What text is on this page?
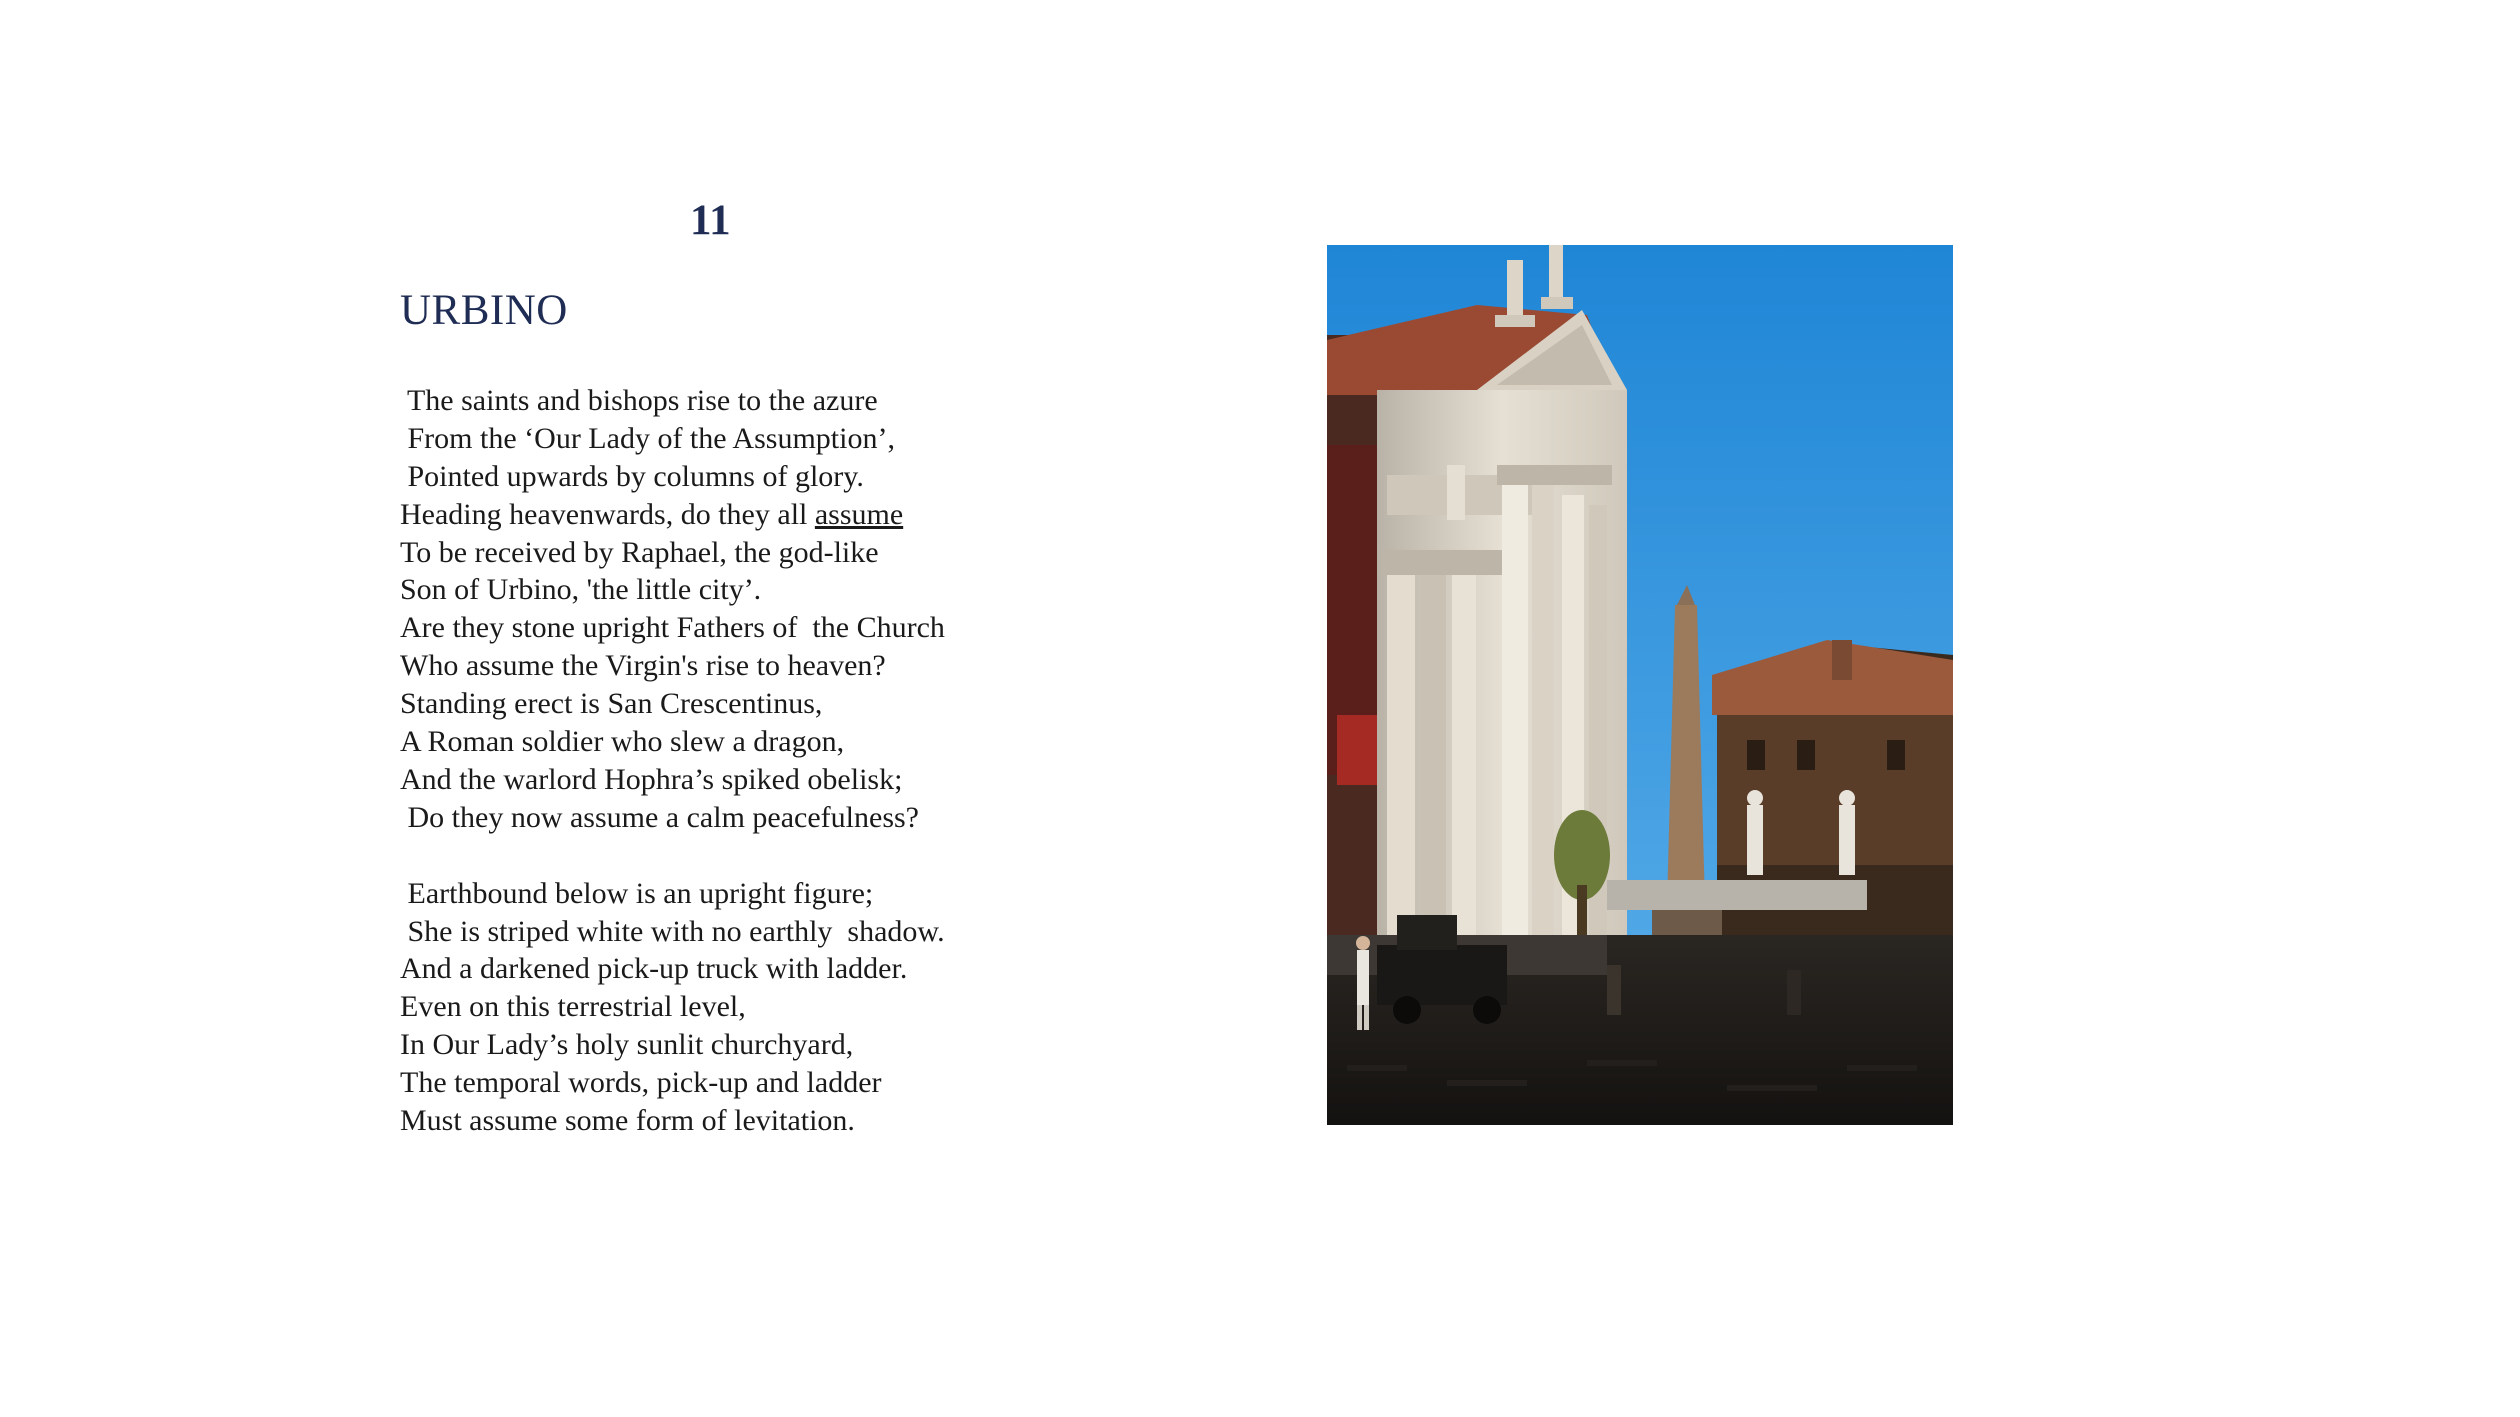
11
URBINO
The saints and bishops rise to the azure
From the ‘Our Lady of the Assumption’,
Pointed upwards by columns of glory.
Heading heavenwards, do they all assume
To be received by Raphael, the god-like
Son of Urbino, 'the little city’.
Are they stone upright Fathers of  the Church
Who assume the Virgin's rise to heaven?
Standing erect is San Crescentinus,
A Roman soldier who slew a dragon,
And the warlord Hophra’s spiked obelisk;
Do they now assume a calm peacefulness?
Earthbound below is an upright figure;
She is striped white with no earthly  shadow.
And a darkened pick-up truck with ladder.
Even on this terrestrial level,
In Our Lady’s holy sunlit churchyard,
The temporal words, pick-up and ladder
Must assume some form of levitation.
